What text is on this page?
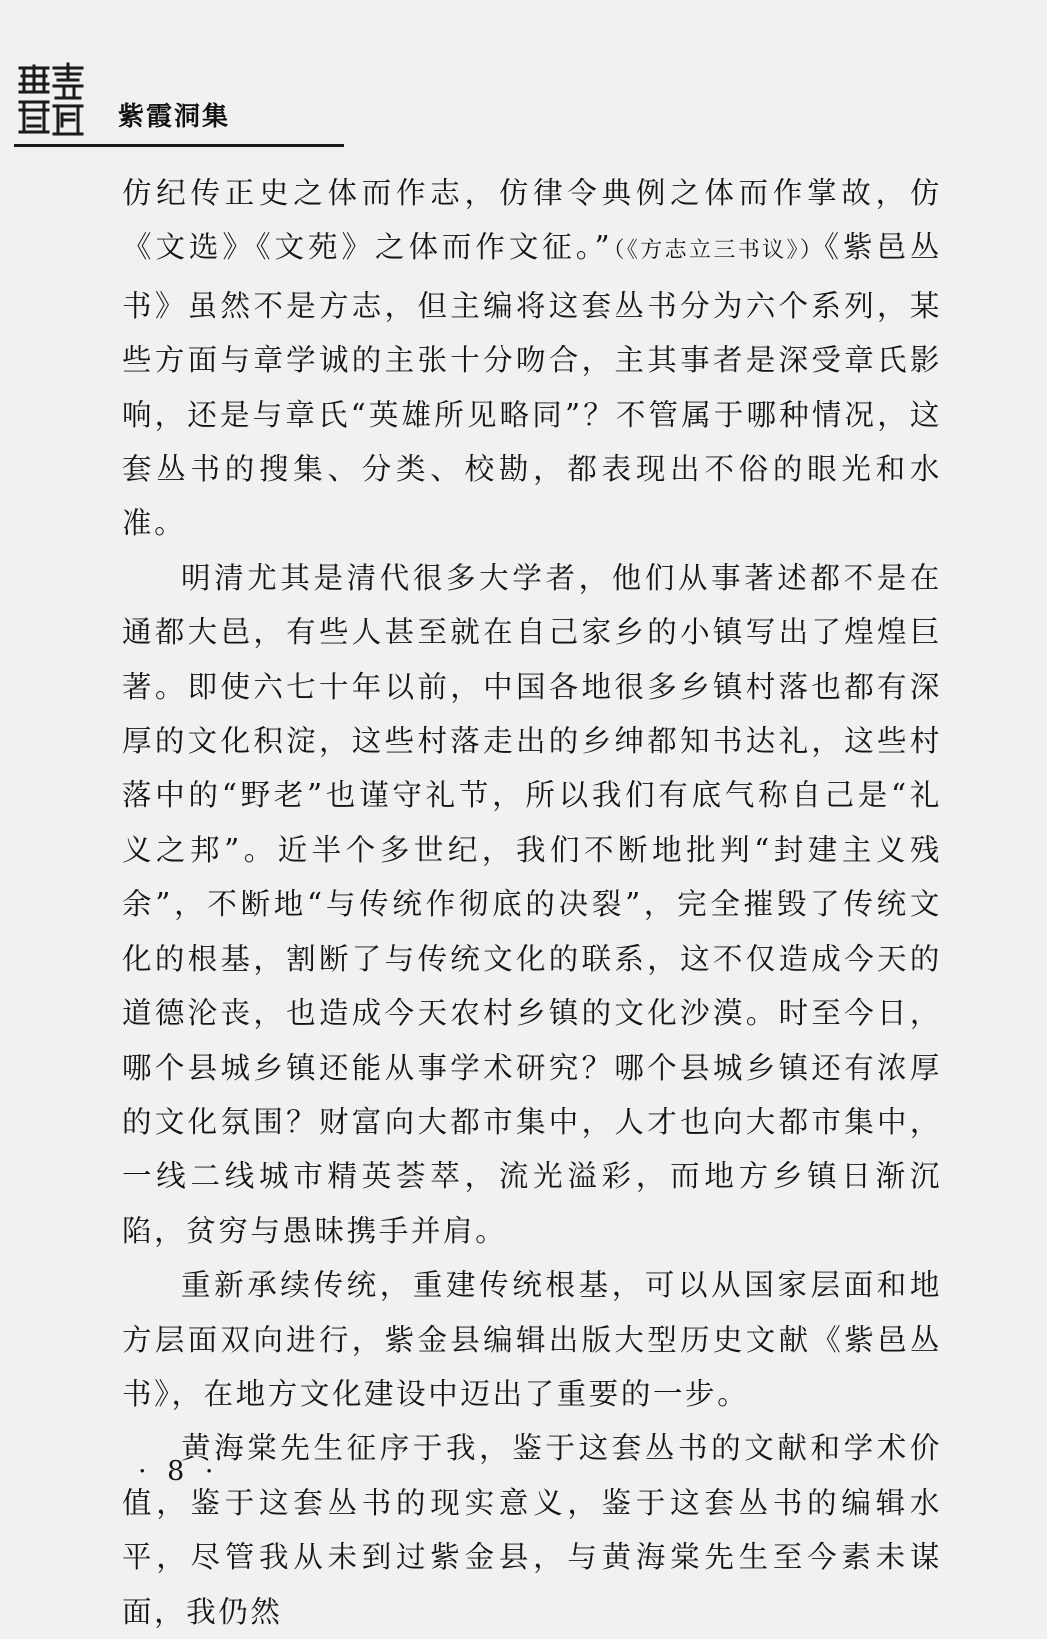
紫霞洞集

仿纪传正史之体而作志，仿律令典例之体而作掌故，仿《文选》《文苑》之体而作文征。”（《方志立三书议》）《紫邑丛书》虽然不是方志，但主编将这套丛书分为六个系列，某些方面与章学诚的主张十分吻合，主其事者是深受章氏影响，还是与章氏“英雄所见略同”？不管属于哪种情况，这套丛书的搜集、分类、校勘，都表现出不俗的眼光和水准。

明清尤其是清代很多大学者，他们从事著述都不是在通都大邑，有些人甚至就在自己家乡的小镇写出了煌煌巨著。即使六七十年以前，中国各地很多乡镇村落也都有深厚的文化积淀，这些村落走出的乡绅都知书达礼，这些村落中的“野老”也谨守礼节，所以我们有底气称自己是“礼义之邦”。近半个多世纪，我们不断地批判“封建主义残余”，不断地“与传统作彻底的决裂”，完全摧毁了传统文化的根基，割断了与传统文化的联系，这不仅造成今天的道德沦丧，也造成今天农村乡镇的文化沙漠。时至今日，哪个县城乡镇还能从事学术研究？哪个县城乡镇还有浓厚的文化氛围？财富向大都市集中，人才也向大都市集中，一线二线城市精英荟萃，流光溢彩，而地方乡镇日渐沉陷，贫穷与愚昧携手并肩。

重新承续传统，重建传统根基，可以从国家层面和地方层面双向进行，紫金县编辑出版大型历史文献《紫邑丛书》，在地方文化建设中迈出了重要的一步。

黄海棠先生征序于我，鉴于这套丛书的文献和学术价值，鉴于这套丛书的现实意义，鉴于这套丛书的编辑水平，尽管我从未到过紫金县，与黄海棠先生至今素未谋面，我仍然

· 8 ·
